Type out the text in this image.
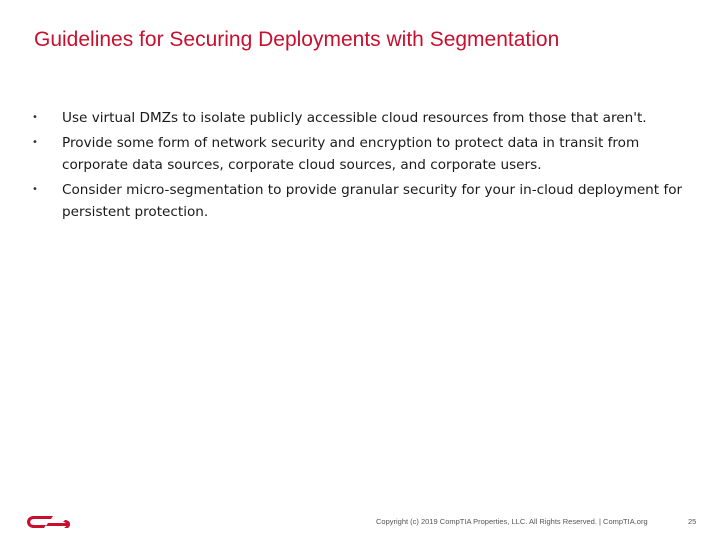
Guidelines for Securing Deployments with Segmentation
•	Use virtual DMZs to isolate publicly accessible cloud resources from those that aren't.
•	Provide some form of network security and encryption to protect data in transit from corporate data sources, corporate cloud sources, and corporate users.
•	Consider micro-segmentation to provide granular security for your in-cloud deployment for persistent protection.
Copyright (c) 2019 CompTIA Properties, LLC. All Rights Reserved. | CompTIA.org	25
